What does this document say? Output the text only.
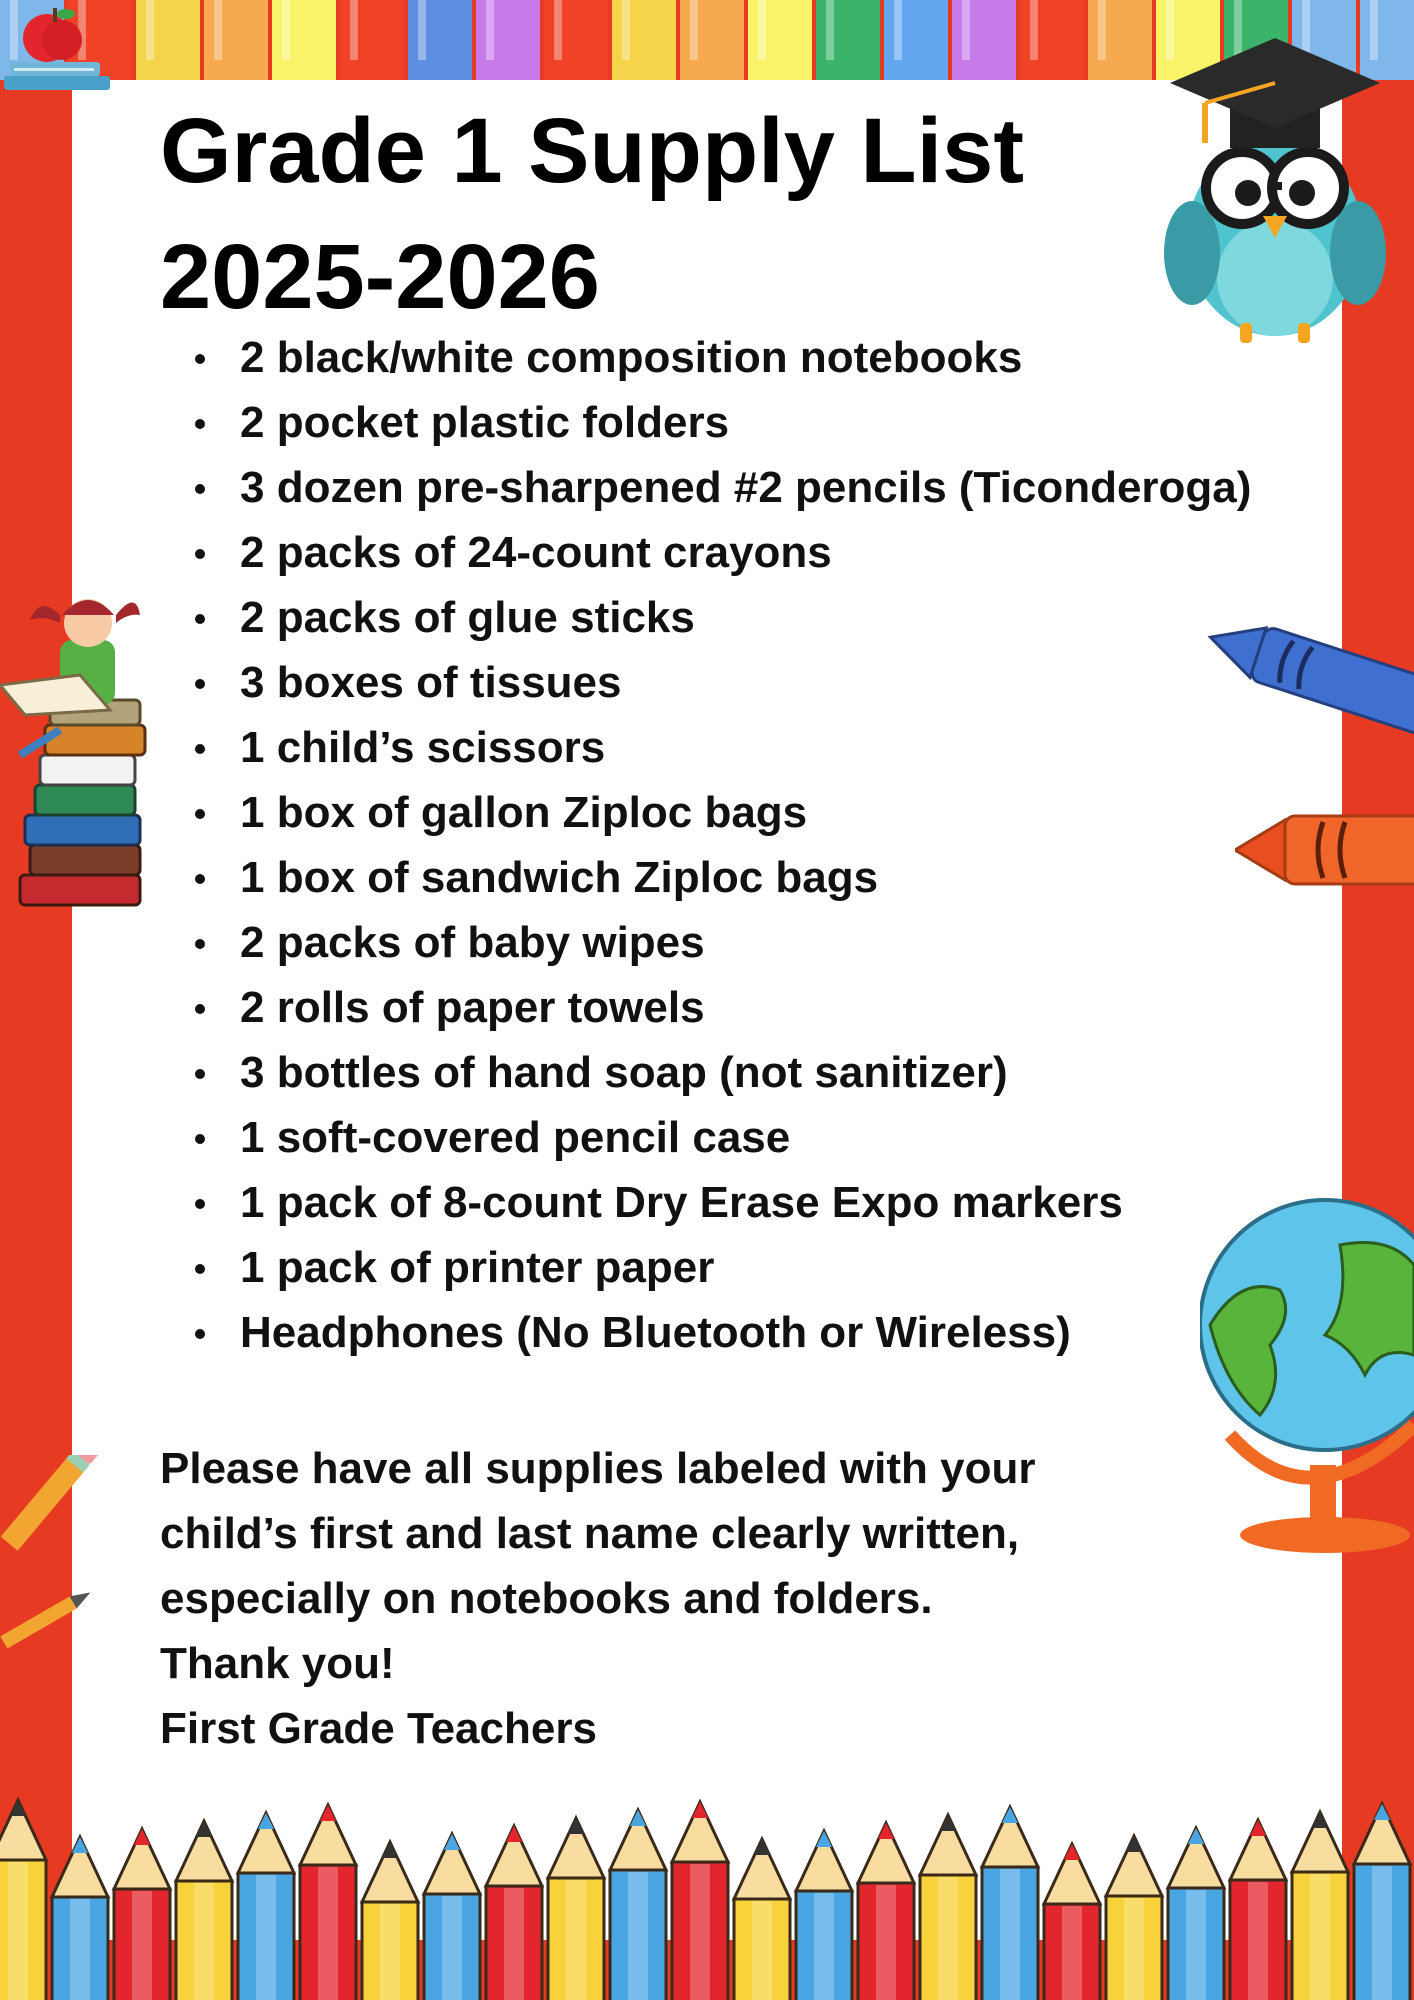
Grade 1 Supply List
2025-2026
2 black/white composition notebooks
2 pocket plastic folders
3 dozen pre-sharpened #2 pencils (Ticonderoga)
2 packs of 24-count crayons
2 packs of glue sticks
3 boxes of tissues
1 child’s scissors
1 box of gallon Ziploc bags
1 box of sandwich Ziploc bags
2 packs of baby wipes
2 rolls of paper towels
3 bottles of hand soap (not sanitizer)
1 soft-covered pencil case
1 pack of 8-count Dry Erase Expo markers
1 pack of printer paper
Headphones (No Bluetooth or Wireless)

Please have all supplies labeled with your child’s first and last name clearly written, especially on notebooks and folders.

Thank you!

First Grade Teachers
